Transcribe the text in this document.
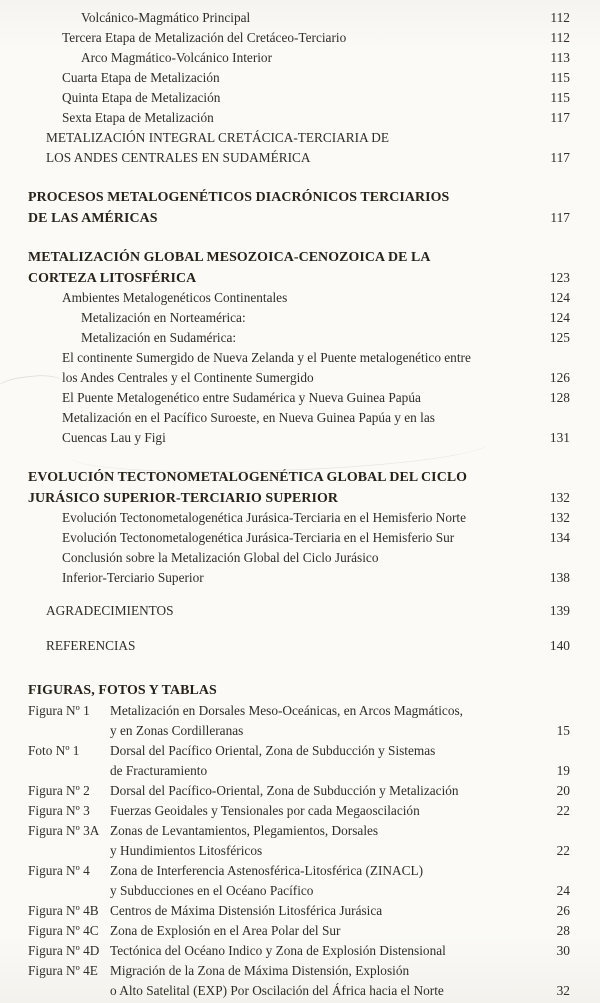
Volcánico-Magmático Principal	112
Tercera Etapa de Metalización del Cretáceo-Terciario	112
Arco Magmático-Volcánico Interior	113
Cuarta Etapa de Metalización	115
Quinta Etapa de Metalización	115
Sexta Etapa de Metalización	117
METALIZACIÓN INTEGRAL CRETÁCICA-TERCIARIA DE
LOS ANDES CENTRALES EN SUDAMÉRICA	117
PROCESOS METALOGENÉTICOS DIACRÓNICOS TERCIARIOS
DE LAS AMÉRICAS	117
METALIZACIÓN GLOBAL MESOZOICA-CENOZOICA DE LA
CORTEZA LITOSFÉRICA	123
Ambientes Metalogenéticos Continentales	124
Metalización en Norteamérica:	124
Metalización en Sudamérica:	125
El continente Sumergido de Nueva Zelanda y el Puente metalogenético entre
los Andes Centrales y el Continente Sumergido	126
El Puente Metalogenético entre Sudamérica y Nueva Guinea Papúa	128
Metalización en el Pacífico Suroeste, en Nueva Guinea Papúa y en las
Cuencas Lau y Figi	131
EVOLUCIÓN TECTONOMETALOGENÉTICA GLOBAL DEL CICLO
JURÁSICO SUPERIOR-TERCIARIO SUPERIOR	132
Evolución Tectonometalogenética Jurásica-Terciaria en el Hemisferio Norte	132
Evolución Tectonometalogenética Jurásica-Terciaria en el Hemisferio Sur	134
Conclusión sobre la Metalización Global del Ciclo Jurásico
Inferior-Terciario Superior	138
AGRADECIMIENTOS	139
REFERENCIAS	140
FIGURAS, FOTOS Y TABLAS
Figura Nº 1	Metalización en Dorsales Meso-Oceánicas, en Arcos Magmáticos,
y en Zonas Cordilleranas	15
Foto Nº 1	Dorsal del Pacífico Oriental, Zona de Subducción y Sistemas
de Fracturamiento	19
Figura Nº 2	Dorsal del Pacífico-Oriental, Zona de Subducción y Metalización	20
Figura Nº 3	Fuerzas Geoidales y Tensionales por cada Megaoscilación	22
Figura Nº 3A Zonas de Levantamientos, Plegamientos, Dorsales
y Hundimientos Litosféricos	22
Figura Nº 4	Zona de Interferencia Astenosférica-Litosférica (ZINACL)
y Subducciones en el Océano Pacífico	24
Figura Nº 4B Centros de Máxima Distensión Litosférica Jurásica	26
Figura Nº 4C Zona de Explosión en el Area Polar del Sur	28
Figura Nº 4D Tectónica del Océano Indico y Zona de Explosión Distensional	30
Figura Nº 4E Migración de la Zona de Máxima Distensión, Explosión
o Alto Satelital (EXP) Por Oscilación del África hacia el Norte	32
